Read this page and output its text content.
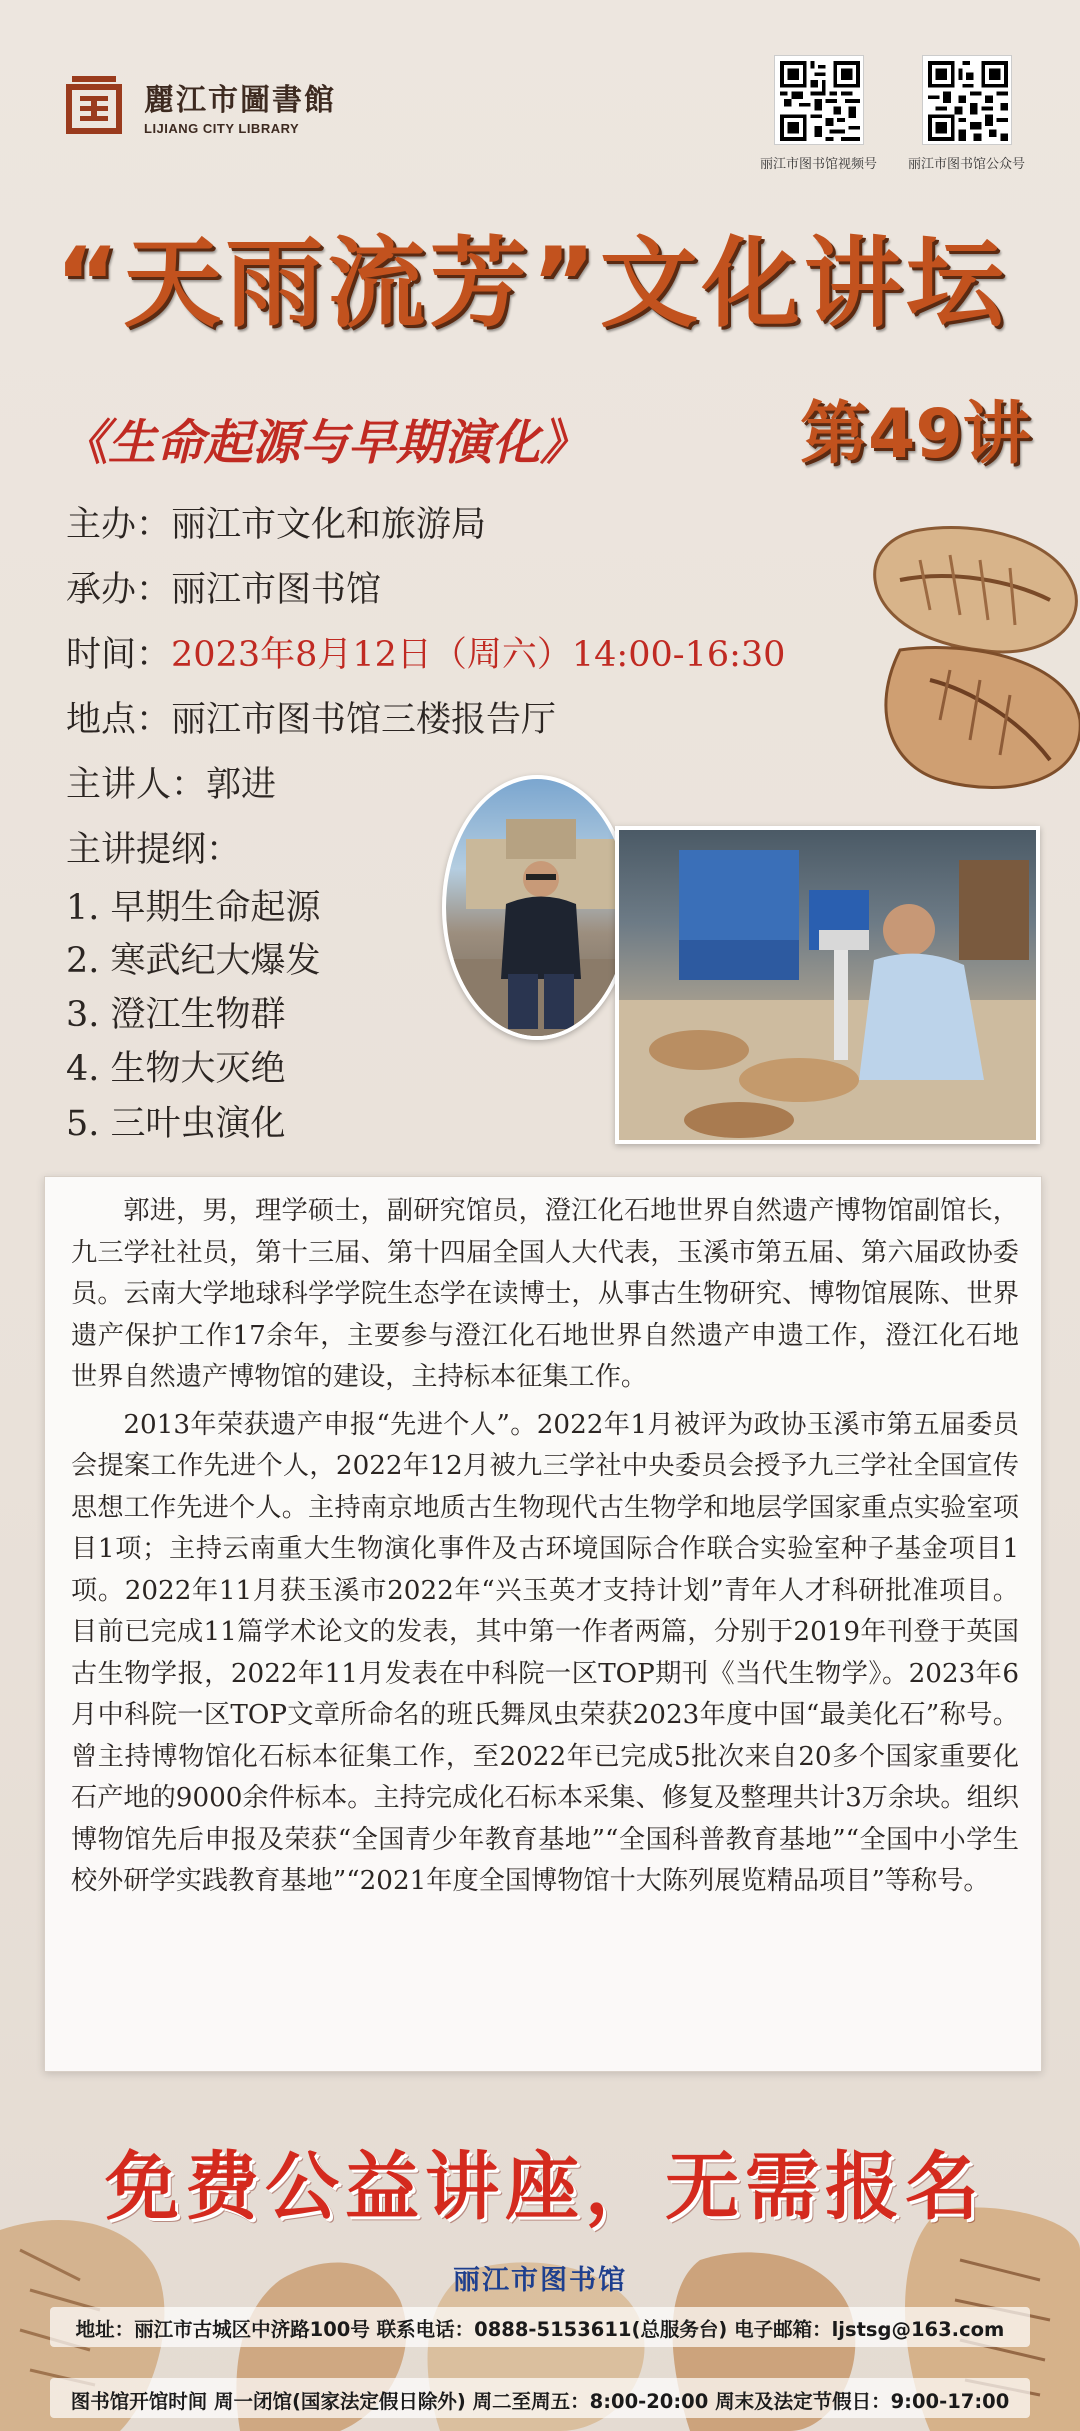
麗江市圖書館
LIJIANG CITY LIBRARY
丽江市图书馆视频号 丽江市图书馆公众号
“天雨流芳”文化讲坛
《生命起源与早期演化》	第49讲
主办：丽江市文化和旅游局
承办：丽江市图书馆
时间：2023年8月12日（周六）14:00-16:30
地点：丽江市图书馆三楼报告厅
主讲人：郭进
主讲提纲：
1. 早期生命起源
2. 寒武纪大爆发
3. 澄江生物群
4. 生物大灭绝
5. 三叶虫演化

郭进，男，理学硕士，副研究馆员，澄江化石地世界自然遗产博物馆副馆长，九三学社社员，第十三届、第十四届全国人大代表，玉溪市第五届、第六届政协委员。云南大学地球科学学院生态学在读博士，从事古生物研究、博物馆展陈、世界遗产保护工作17余年，主要参与澄江化石地世界自然遗产申遗工作，澄江化石地世界自然遗产博物馆的建设，主持标本征集工作。

2013年荣获遗产申报“先进个人”。2022年1月被评为政协玉溪市第五届委员会提案工作先进个人，2022年12月被九三学社中央委员会授予九三学社全国宣传思想工作先进个人。主持南京地质古生物现代古生物学和地层学国家重点实验室项目1项；主持云南重大生物演化事件及古环境国际合作联合实验室种子基金项目1项。2022年11月获玉溪市2022年“兴玉英才支持计划”青年人才科研批准项目。目前已完成11篇学术论文的发表，其中第一作者两篇，分别于2019年刊登于英国古生物学报，2022年11月发表在中科院一区TOP期刊《当代生物学》。2023年6月中科院一区TOP文章所命名的班氏舞凤虫荣获2023年度中国“最美化石”称号。曾主持博物馆化石标本征集工作，至2022年已完成5批次来自20多个国家重要化石产地的9000余件标本。主持完成化石标本采集、修复及整理共计3万余块。组织博物馆先后申报及荣获“全国青少年教育基地”“全国科普教育基地”“全国中小学生校外研学实践教育基地”“2021年度全国博物馆十大陈列展览精品项目”等称号。

免费公益讲座，无需报名
丽江市图书馆
地址：丽江市古城区中济路100号 联系电话：0888-5153611(总服务台) 电子邮箱：ljstsg@163.com
图书馆开馆时间 周一闭馆(国家法定假日除外) 周二至周五：8:00-20:00 周末及法定节假日：9:00-17:00
